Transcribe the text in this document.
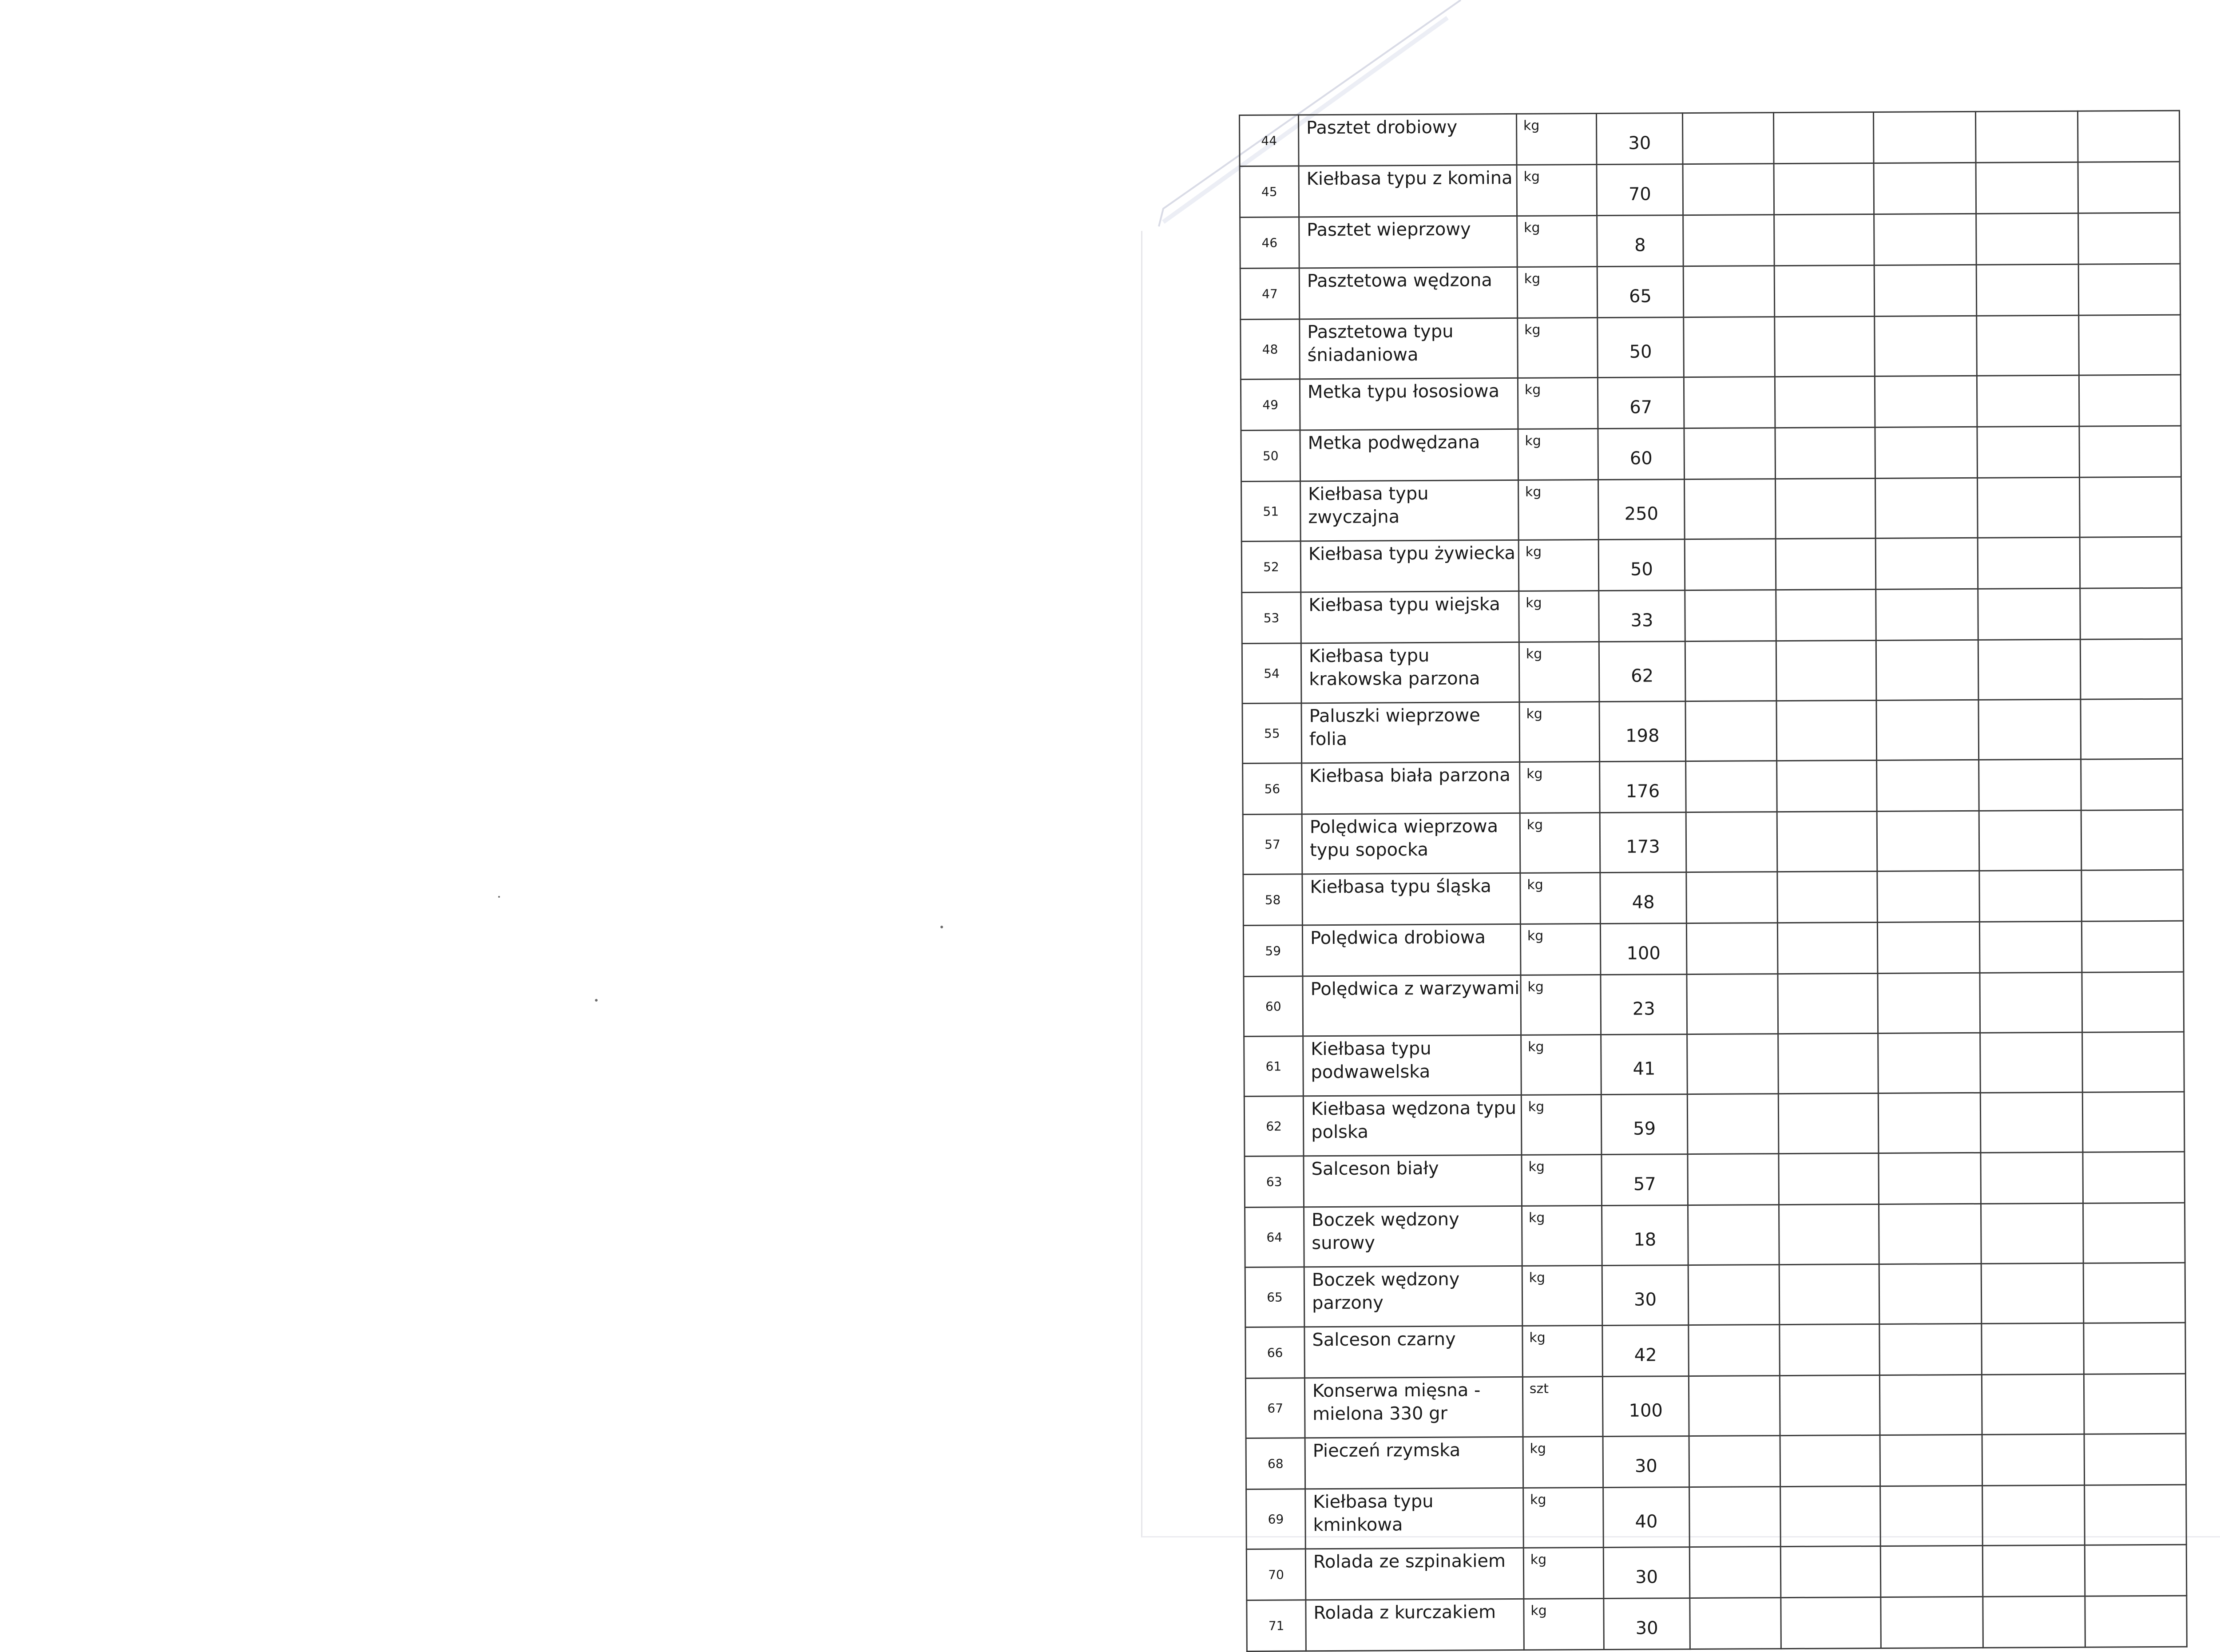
44	Pasztet drobiowy	kg	30					
45	Kiełbasa typu z komina	kg	70					
46	Pasztet wieprzowy	kg	8					
47	Pasztetowa wędzona	kg	65					
48	Pasztetowa typu śniadaniowa	kg	50					
49	Metka typu łososiowa	kg	67					
50	Metka podwędzana	kg	60					
51	Kiełbasa typu zwyczajna	kg	250					
52	Kiełbasa typu żywiecka	kg	50					
53	Kiełbasa typu wiejska	kg	33					
54	Kiełbasa typu krakowska parzona	kg	62					
55	Paluszki wieprzowe folia	kg	198					
56	Kiełbasa biała parzona	kg	176					
57	Polędwica wieprzowa typu sopocka	kg	173					
58	Kiełbasa typu śląska	kg	48					
59	Polędwica drobiowa	kg	100					
60	Polędwica z warzywami	kg	23					
61	Kiełbasa typu podwawelska	kg	41					
62	Kiełbasa wędzona typu polska	kg	59					
63	Salceson biały	kg	57					
64	Boczek wędzony surowy	kg	18					
65	Boczek wędzony parzony	kg	30					
66	Salceson czarny	kg	42					
67	Konserwa mięsna - mielona 330 gr	szt	100					
68	Pieczeń rzymska	kg	30					
69	Kiełbasa typu kminkowa	kg	40					
70	Rolada ze szpinakiem	kg	30					
71	Rolada z kurczakiem	kg	30					
